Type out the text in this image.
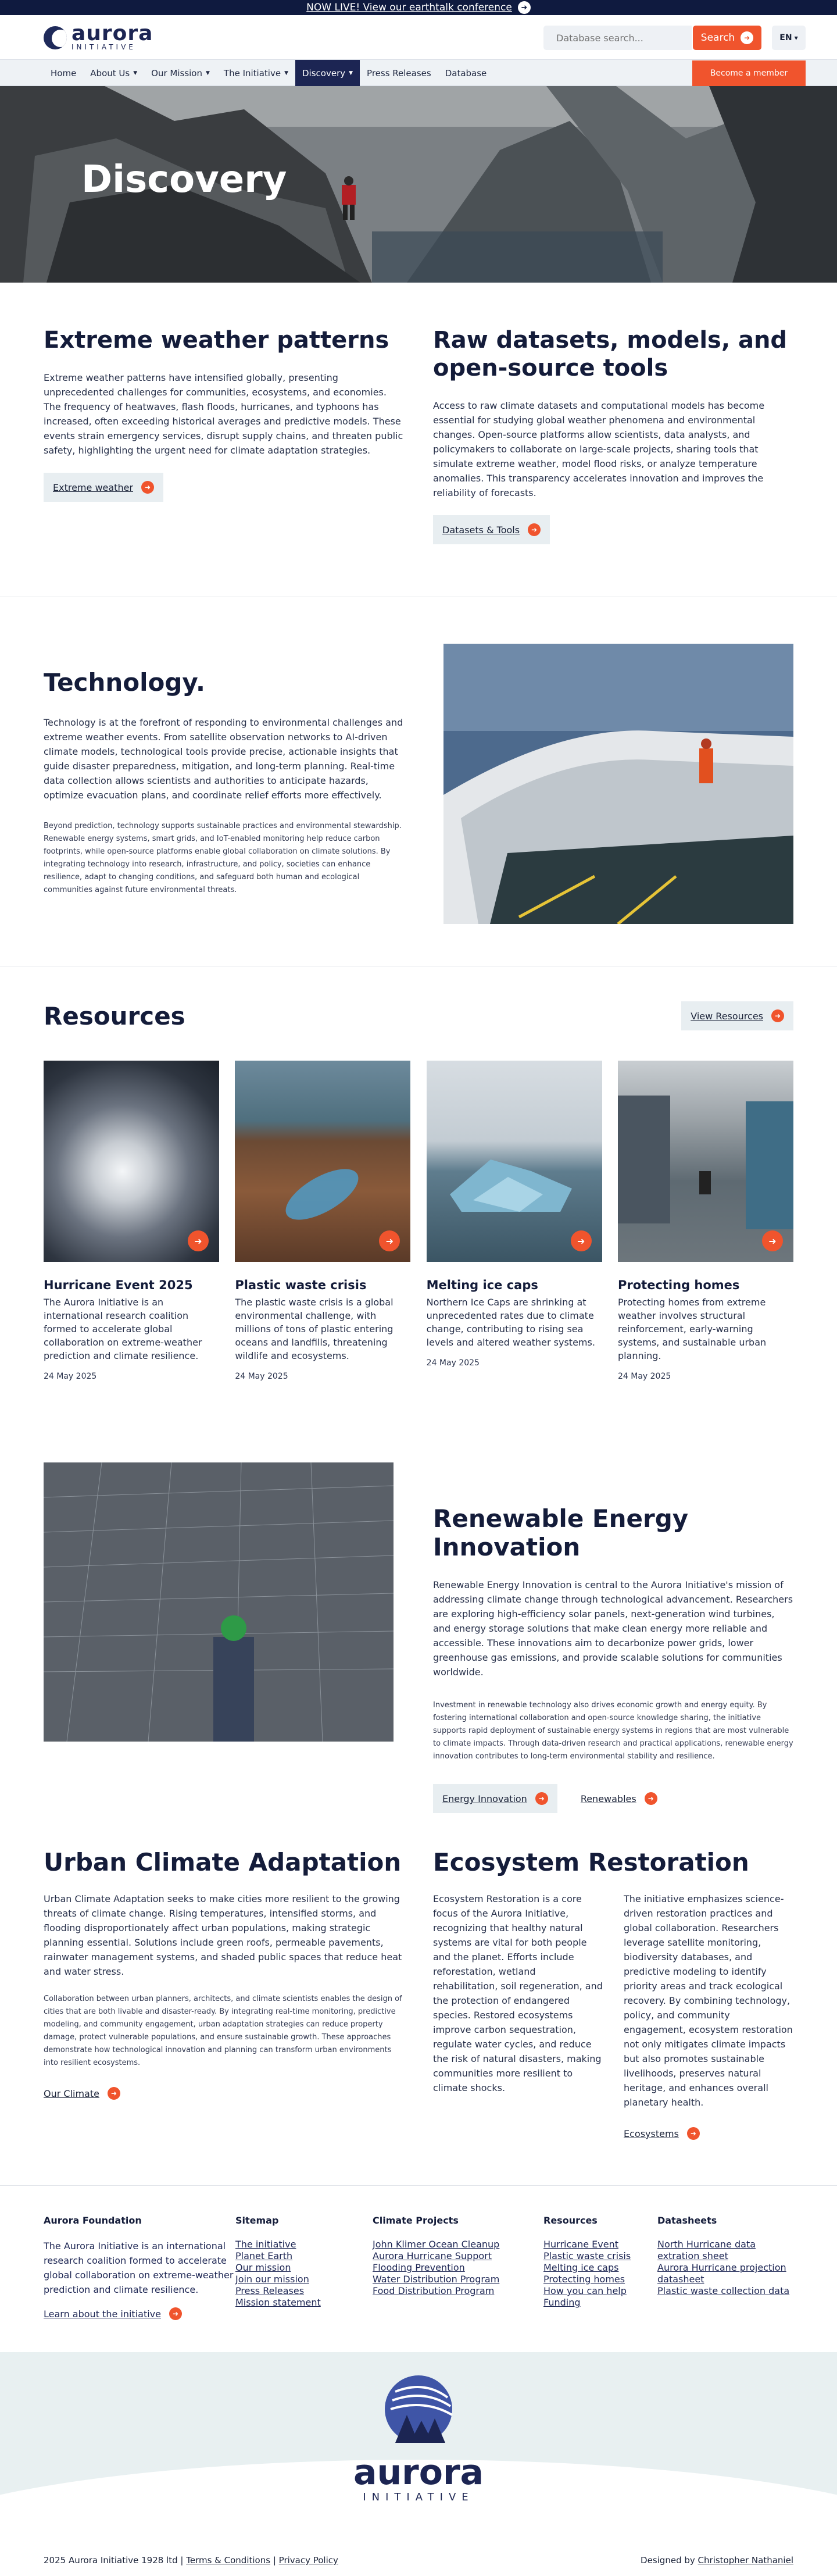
NOW LIVE! View our earthtalk conference	➜
aurora
INITIATIVE
Database search...
Search	➜	EN ▼
Home About Us ▼ Our Mission ▼ The Initiative ▼ Discovery ▼ Press Releases Database	Become a member
Discovery
Extreme weather patterns

Extreme weather patterns have intensified globally, presenting unprecedented challenges for communities, ecosystems, and economies. The frequency of heatwaves, flash floods, hurricanes, and typhoons has increased, often exceeding historical averages and predictive models. These events strain emergency services, disrupt supply chains, and threaten public safety, highlighting the urgent need for climate adaptation strategies.

Extreme weather	➜
Raw datasets, models, and open-source tools

Access to raw climate datasets and computational models has become essential for studying global weather phenomena and environmental changes. Open-source platforms allow scientists, data analysts, and policymakers to collaborate on large-scale projects, sharing tools that simulate extreme weather, model flood risks, or analyze temperature anomalies. This transparency accelerates innovation and improves the reliability of forecasts.

Datasets & Tools	➜
Technology.

Technology is at the forefront of responding to environmental challenges and extreme weather events. From satellite observation networks to AI-driven climate models, technological tools provide precise, actionable insights that guide disaster preparedness, mitigation, and long-term planning. Real-time data collection allows scientists and authorities to anticipate hazards, optimize evacuation plans, and coordinate relief efforts more effectively.

Beyond prediction, technology supports sustainable practices and environmental stewardship. Renewable energy systems, smart grids, and IoT-enabled monitoring help reduce carbon footprints, while open-source platforms enable global collaboration on climate solutions. By integrating technology into research, infrastructure, and policy, societies can enhance resilience, adapt to changing conditions, and safeguard both human and ecological communities against future environmental threats.

Resources	View Resources	➜
➜
Hurricane Event 2025

The Aurora Initiative is an international research coalition formed to accelerate global collaboration on extreme-weather prediction and climate resilience.

24 May 2025

➜
Plastic waste crisis

The plastic waste crisis is a global environmental challenge, with millions of tons of plastic entering oceans and landfills, threatening wildlife and ecosystems.

24 May 2025

➜
Melting ice caps

Northern Ice Caps are shrinking at unprecedented rates due to climate change, contributing to rising sea levels and altered weather systems.

24 May 2025

➜
Protecting homes

Protecting homes from extreme weather involves structural reinforcement, early-warning systems, and sustainable urban planning.

24 May 2025

Renewable Energy Innovation

Renewable Energy Innovation is central to the Aurora Initiative's mission of addressing climate change through technological advancement. Researchers are exploring high-efficiency solar panels, next-generation wind turbines, and energy storage solutions that make clean energy more reliable and accessible. These innovations aim to decarbonize power grids, lower greenhouse gas emissions, and provide scalable solutions for communities worldwide.

Investment in renewable technology also drives economic growth and energy equity. By fostering international collaboration and open-source knowledge sharing, the initiative supports rapid deployment of sustainable energy systems in regions that are most vulnerable to climate impacts. Through data-driven research and practical applications, renewable energy innovation contributes to long-term environmental stability and resilience.

Energy Innovation	➜	Renewables	➜
Urban Climate Adaptation

Urban Climate Adaptation seeks to make cities more resilient to the growing threats of climate change. Rising temperatures, intensified storms, and flooding disproportionately affect urban populations, making strategic planning essential. Solutions include green roofs, permeable pavements, rainwater management systems, and shaded public spaces that reduce heat and water stress.

Collaboration between urban planners, architects, and climate scientists enables the design of cities that are both livable and disaster-ready. By integrating real-time monitoring, predictive modeling, and community engagement, urban adaptation strategies can reduce property damage, protect vulnerable populations, and ensure sustainable growth. These approaches demonstrate how technological innovation and planning can transform urban environments into resilient ecosystems.

Our Climate	➜
Ecosystem Restoration

Ecosystem Restoration is a core focus of the Aurora Initiative, recognizing that healthy natural systems are vital for both people and the planet. Efforts include reforestation, wetland rehabilitation, soil regeneration, and the protection of endangered species. Restored ecosystems improve carbon sequestration, regulate water cycles, and reduce the risk of natural disasters, making communities more resilient to climate shocks.

The initiative emphasizes science-driven restoration practices and global collaboration. Researchers leverage satellite monitoring, biodiversity databases, and predictive modeling to identify priority areas and track ecological recovery. By combining technology, policy, and community engagement, ecosystem restoration not only mitigates climate impacts but also promotes sustainable livelihoods, preserves natural heritage, and enhances overall planetary health.

Ecosystems	➜
Aurora Foundation

The Aurora Initiative is an international research coalition formed to accelerate global collaboration on extreme-weather prediction and climate resilience.

Learn about the initiative	➜
Sitemap
The initiative
Planet Earth
Our mission
Join our mission
Press Releases
Mission statement
Climate Projects
John Klimer Ocean Cleanup
Aurora Hurricane Support
Flooding Prevention
Water Distribution Program
Food Distribution Program
Resources
Hurricane Event
Plastic waste crisis
Melting ice caps
Protecting homes
How you can help
Funding
Datasheets
North Hurricane data extration sheet
Aurora Hurricane projection datasheet
Plastic waste collection data
aurora
INITIATIVE
2025 Aurora Initiative 1928 ltd | Terms & Conditions | Privacy Policy	Designed by Christopher Nathaniel
